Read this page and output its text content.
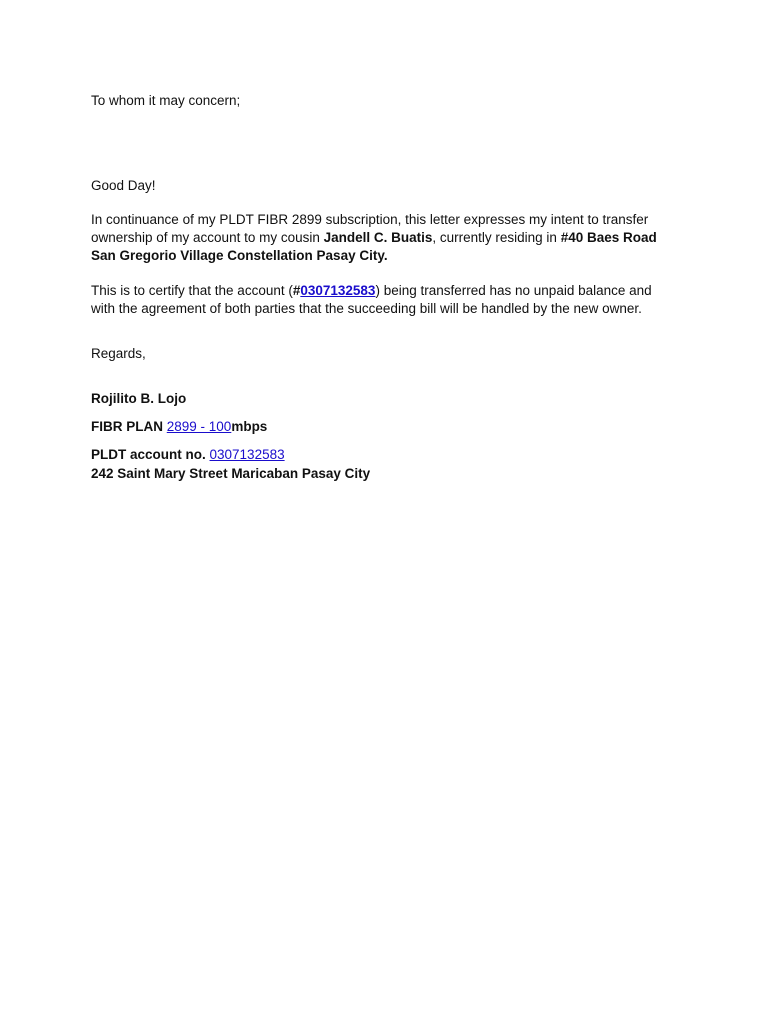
To whom it may concern;
Good Day!
In continuance of my PLDT FIBR 2899 subscription, this letter expresses my intent to transfer
ownership of my account to my cousin Jandell C. Buatis, currently residing in #40 Baes Road
San Gregorio Village Constellation Pasay City.
This is to certify that the account (#0307132583) being transferred has no unpaid balance and
with the agreement of both parties that the succeeding bill will be handled by the new owner.
Regards,
Rojilito B. Lojo
FIBR PLAN 2899 - 100mbps
PLDT account no. 0307132583
242 Saint Mary Street Maricaban Pasay City
